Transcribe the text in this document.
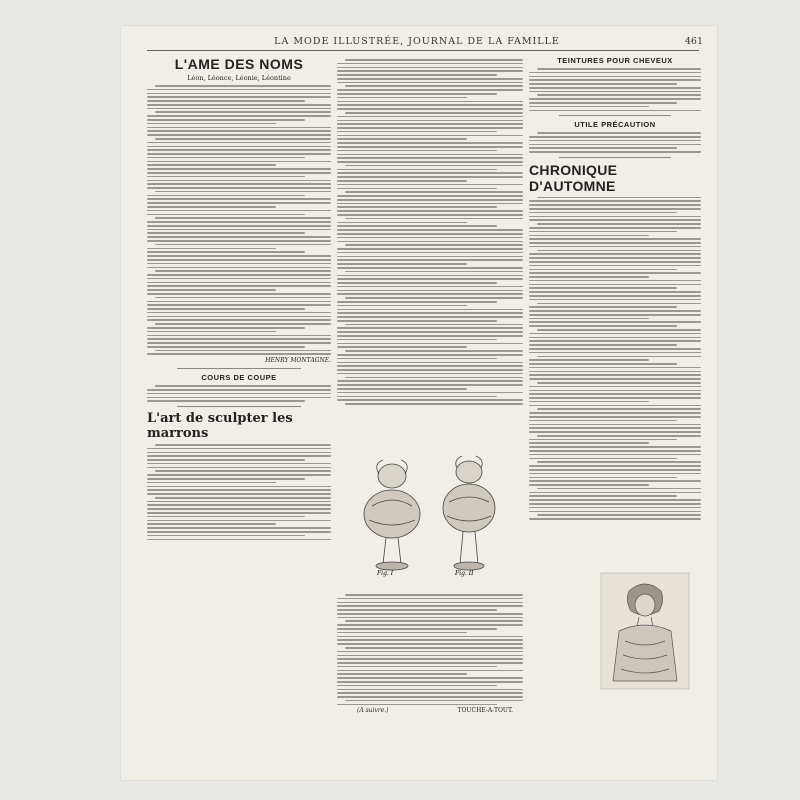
LA MODE ILLUSTRÉE, JOURNAL DE LA FAMILLE	461
L'AME DES NOMS
Léon, Léonce, Léonie, Léontine
HENRY MONTAGNE.
COURS DE COUPE
L'art de sculpter les marrons
Fig. I	Fig. II
(A suivre.)	TOUCHE-A-TOUT.
TEINTURES POUR CHEVEUX
UTILE PRÉCAUTION
CHRONIQUE D'AUTOMNE
